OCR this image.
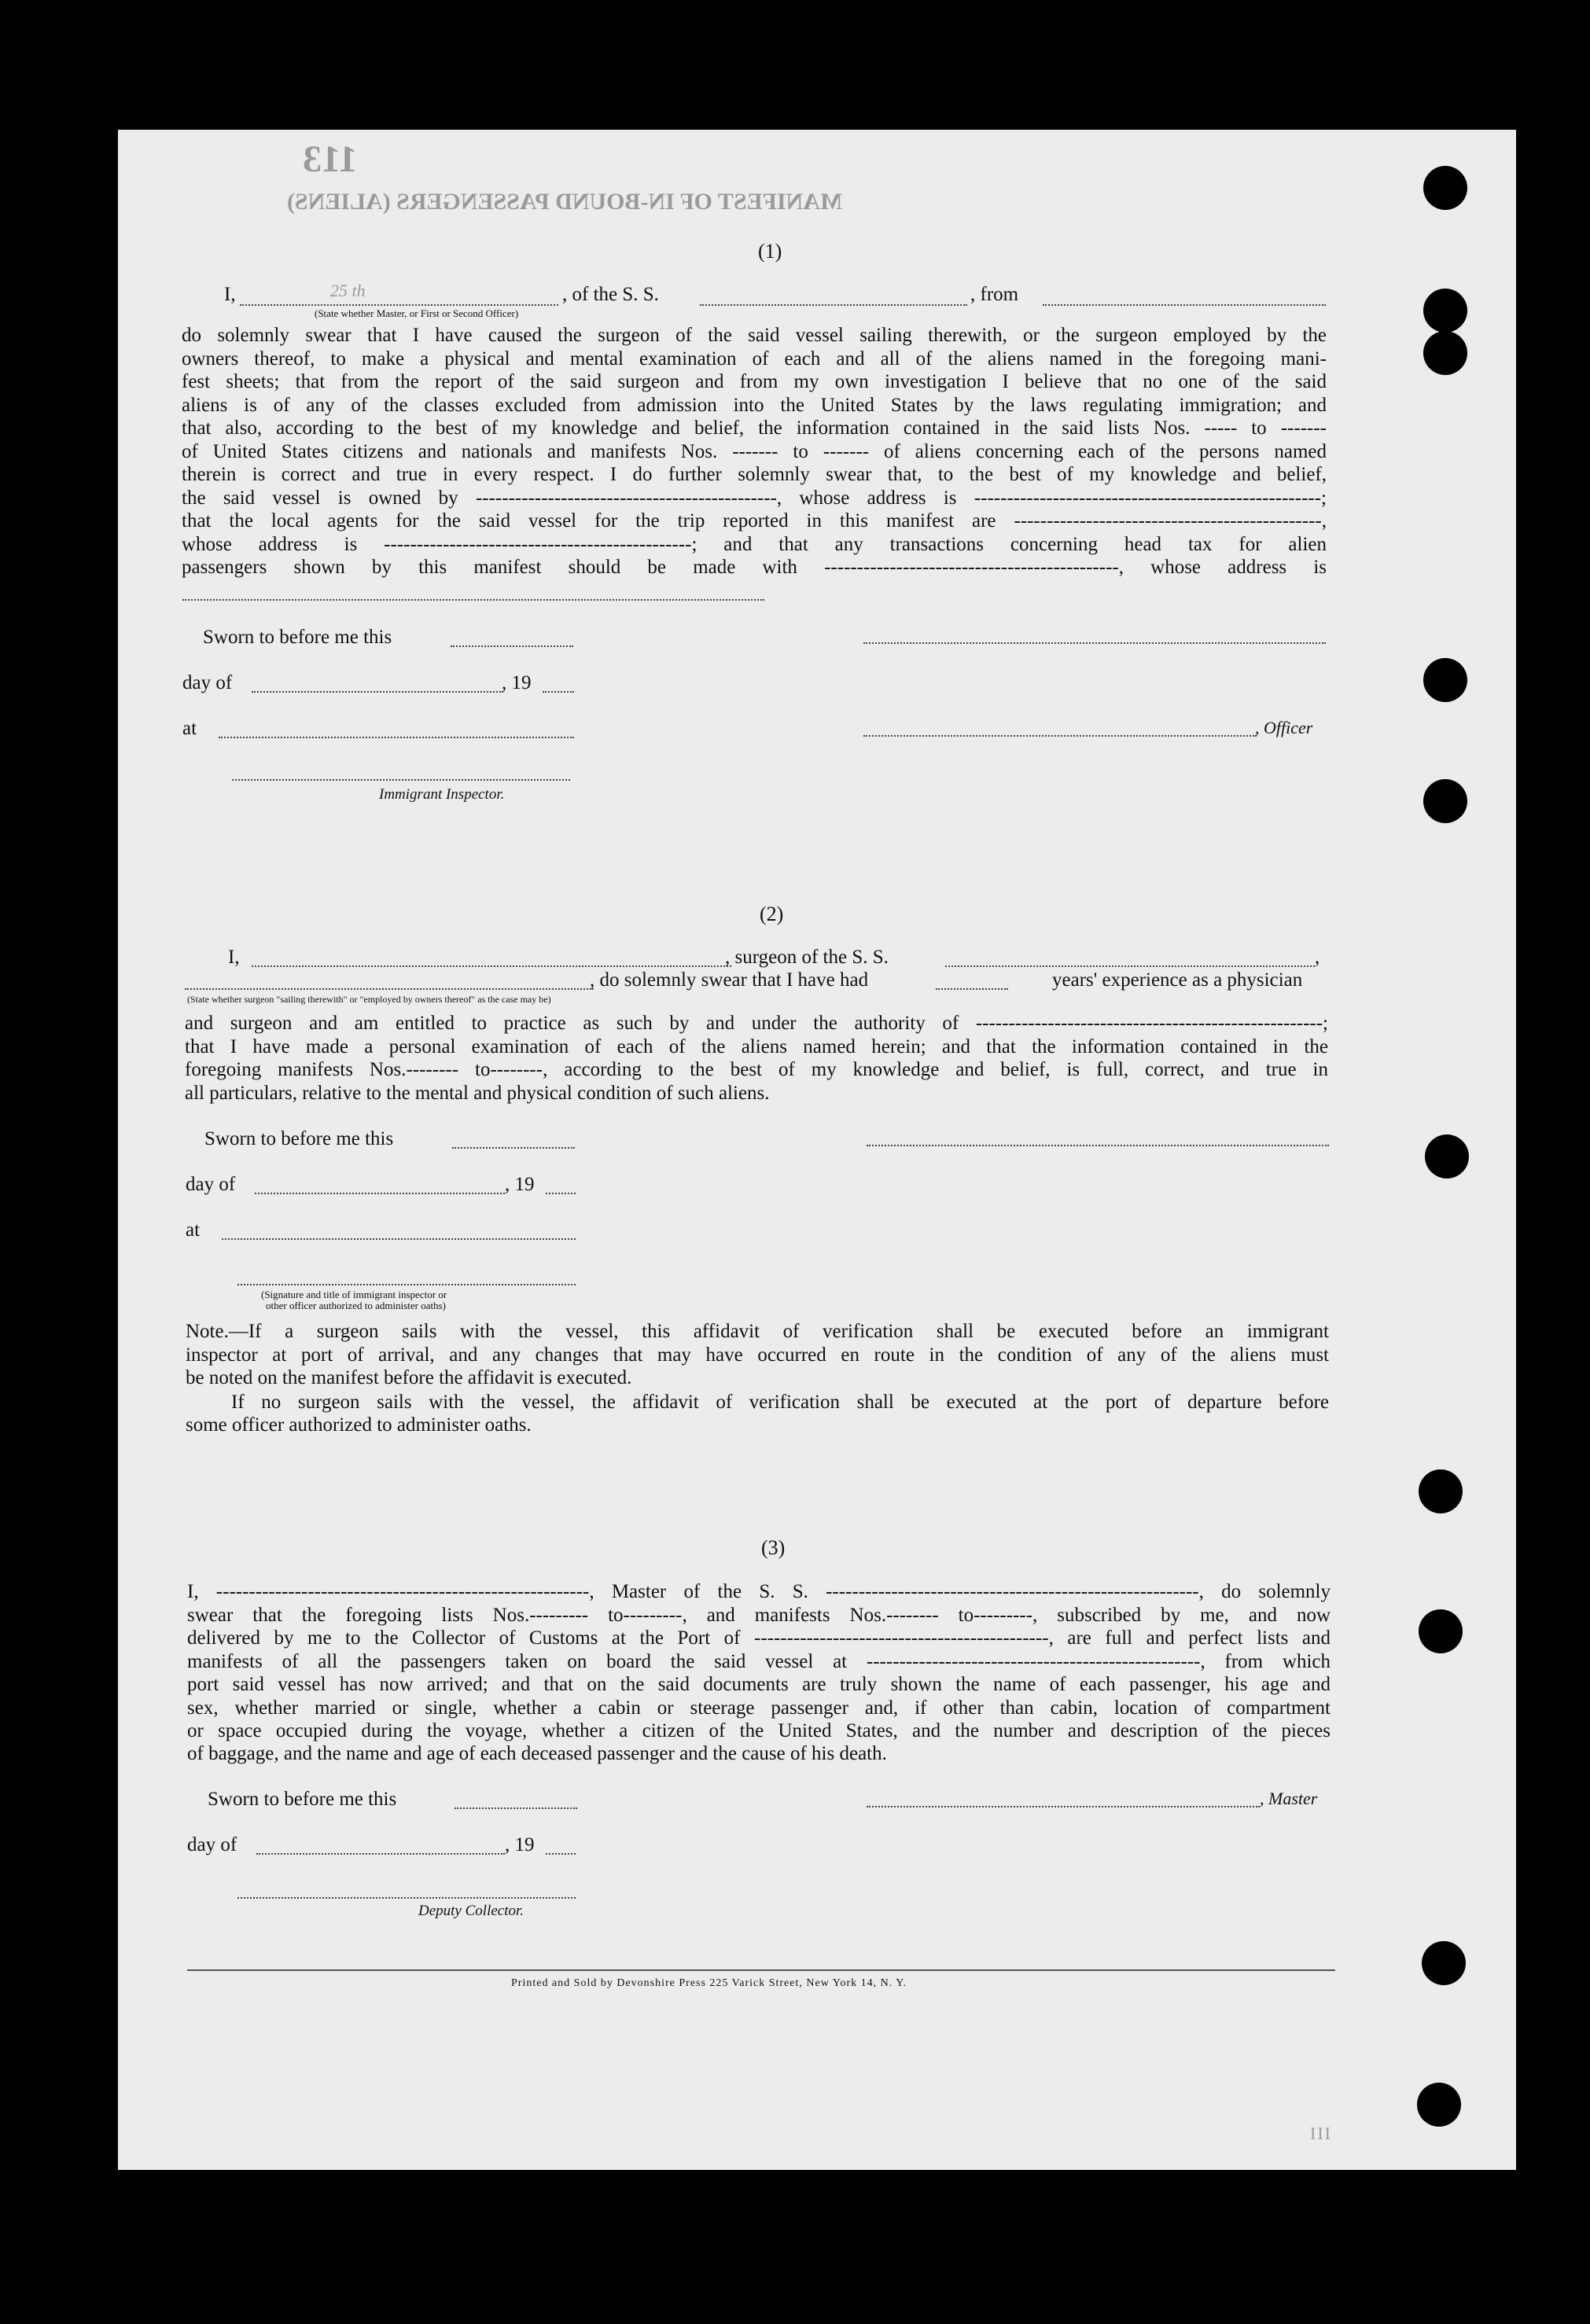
113
MANIFEST OF IN-BOUND PASSENGERS (ALIENS)
(1)
I,	25 th	, of the S. S.	, from
(State whether Master, or First or Second Officer)
do solemnly swear that I have caused the surgeon of the said vessel sailing therewith, or the surgeon employed by the
owners thereof, to make a physical and mental examination of each and all of the aliens named in the foregoing mani-
fest sheets; that from the report of the said surgeon and from my own investigation I believe that no one of the said
aliens is of any of the classes excluded from admission into the United States by the laws regulating immigration; and
that also, according to the best of my knowledge and belief, the information contained in the said lists Nos. ----- to -------
of United States citizens and nationals and manifests Nos. ------- to ------- of aliens concerning each of the persons named
therein is correct and true in every respect. I do further solemnly swear that, to the best of my knowledge and belief,
the said vessel is owned by ----------------------------------------------, whose address is -----------------------------------------------------;
that the local agents for the said vessel for the trip reported in this manifest are -----------------------------------------------,
whose address is -----------------------------------------------; and that any transactions concerning head tax for alien
passengers shown by this manifest should be made with ---------------------------------------------, whose address is
Sworn to before me this
day of	, 19
at	, Officer
Immigrant Inspector.
(2)
I,	, surgeon of the S. S.	,
, do solemnly swear that I have had	years' experience as a physician
(State whether surgeon "sailing therewith" or "employed by owners thereof" as the case may be)
and surgeon and am entitled to practice as such by and under the authority of -----------------------------------------------------;
that I have made a personal examination of each of the aliens named herein; and that the information contained in the
foregoing manifests Nos.-------- to--------, according to the best of my knowledge and belief, is full, correct, and true in
all particulars, relative to the mental and physical condition of such aliens.
Sworn to before me this
day of	, 19
at
(Signature and title of immigrant inspector or
other officer authorized to administer oaths)
Note.—If a surgeon sails with the vessel, this affidavit of verification shall be executed before an immigrant
inspector at port of arrival, and any changes that may have occurred en route in the condition of any of the aliens must
be noted on the manifest before the affidavit is executed.
If no surgeon sails with the vessel, the affidavit of verification shall be executed at the port of departure before
some officer authorized to administer oaths.
(3)
I, ---------------------------------------------------------, Master of the S. S. ---------------------------------------------------------, do solemnly
swear that the foregoing lists Nos.--------- to---------, and manifests Nos.-------- to---------, subscribed by me, and now
delivered by me to the Collector of Customs at the Port of ---------------------------------------------, are full and perfect lists and
manifests of all the passengers taken on board the said vessel at ---------------------------------------------------, from which
port said vessel has now arrived; and that on the said documents are truly shown the name of each passenger, his age and
sex, whether married or single, whether a cabin or steerage passenger and, if other than cabin, location of compartment
or space occupied during the voyage, whether a citizen of the United States, and the number and description of the pieces
of baggage, and the name and age of each deceased passenger and the cause of his death.
Sworn to before me this	, Master
day of	, 19
Deputy Collector.
Printed and Sold by Devonshire Press 225 Varick Street, New York 14, N. Y.
III
